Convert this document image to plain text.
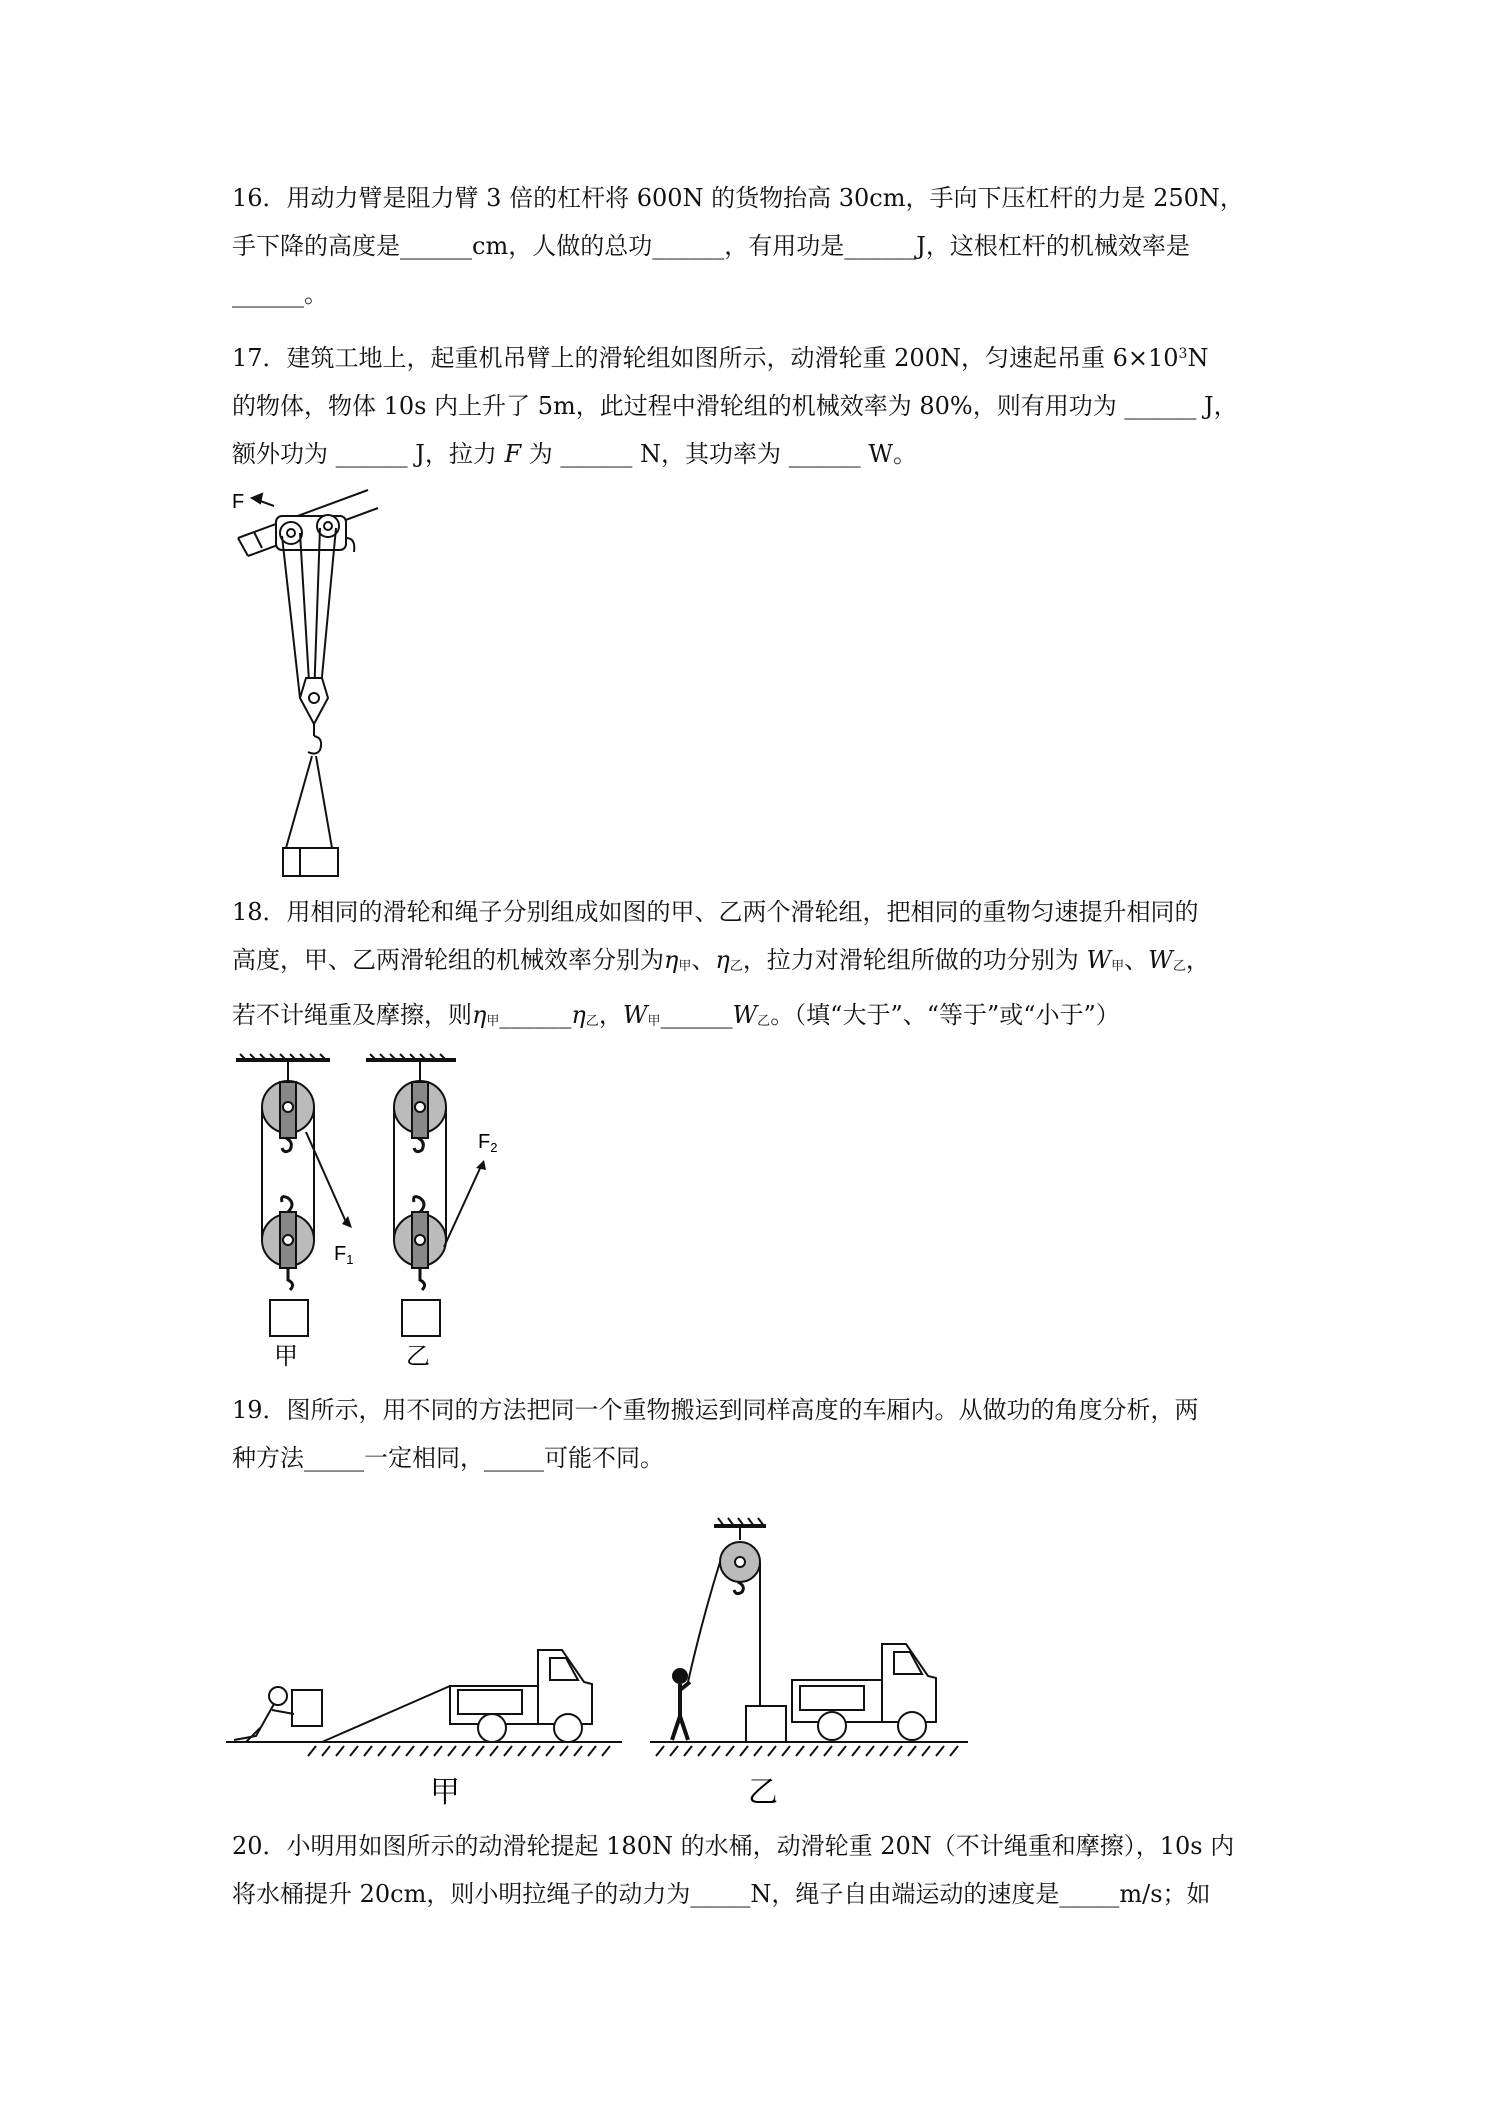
16．用动力臂是阻力臂 3 倍的杠杆将 600N 的货物抬高 30cm，手向下压杠杆的力是 250N，

手下降的高度是______cm，人做的总功______，有用功是______J，这根杠杆的机械效率是

______。

17．建筑工地上，起重机吊臂上的滑轮组如图所示，动滑轮重 200N，匀速起吊重 $6\times 10^3N$

的物体，物体 10s 内上升了 5m，此过程中滑轮组的机械效率为 80%，则有用功为 ______ J，

额外功为 ______ J，拉力 F 为 ______ N，其功率为 ______ W。

F

18．用相同的滑轮和绳子分别组成如图的甲、乙两个滑轮组，把相同的重物匀速提升相同的

高度，甲、乙两滑轮组的机械效率分别为η甲、η乙，拉力对滑轮组所做的功分别为 W甲、W乙，

若不计绳重及摩擦，则η甲______η乙，W甲______W乙。（填“大于”、“等于”或“小于”）

$F_1$
$F_2$
甲	乙

19．图所示，用不同的方法把同一个重物搬运到同样高度的车厢内。从做功的角度分析，两

种方法_____一定相同，_____可能不同。

甲	乙

20．小明用如图所示的动滑轮提起 180N 的水桶，动滑轮重 20N（不计绳重和摩擦），10s 内

将水桶提升 20cm，则小明拉绳子的动力为_____N，绳子自由端运动的速度是_____m/s；如
